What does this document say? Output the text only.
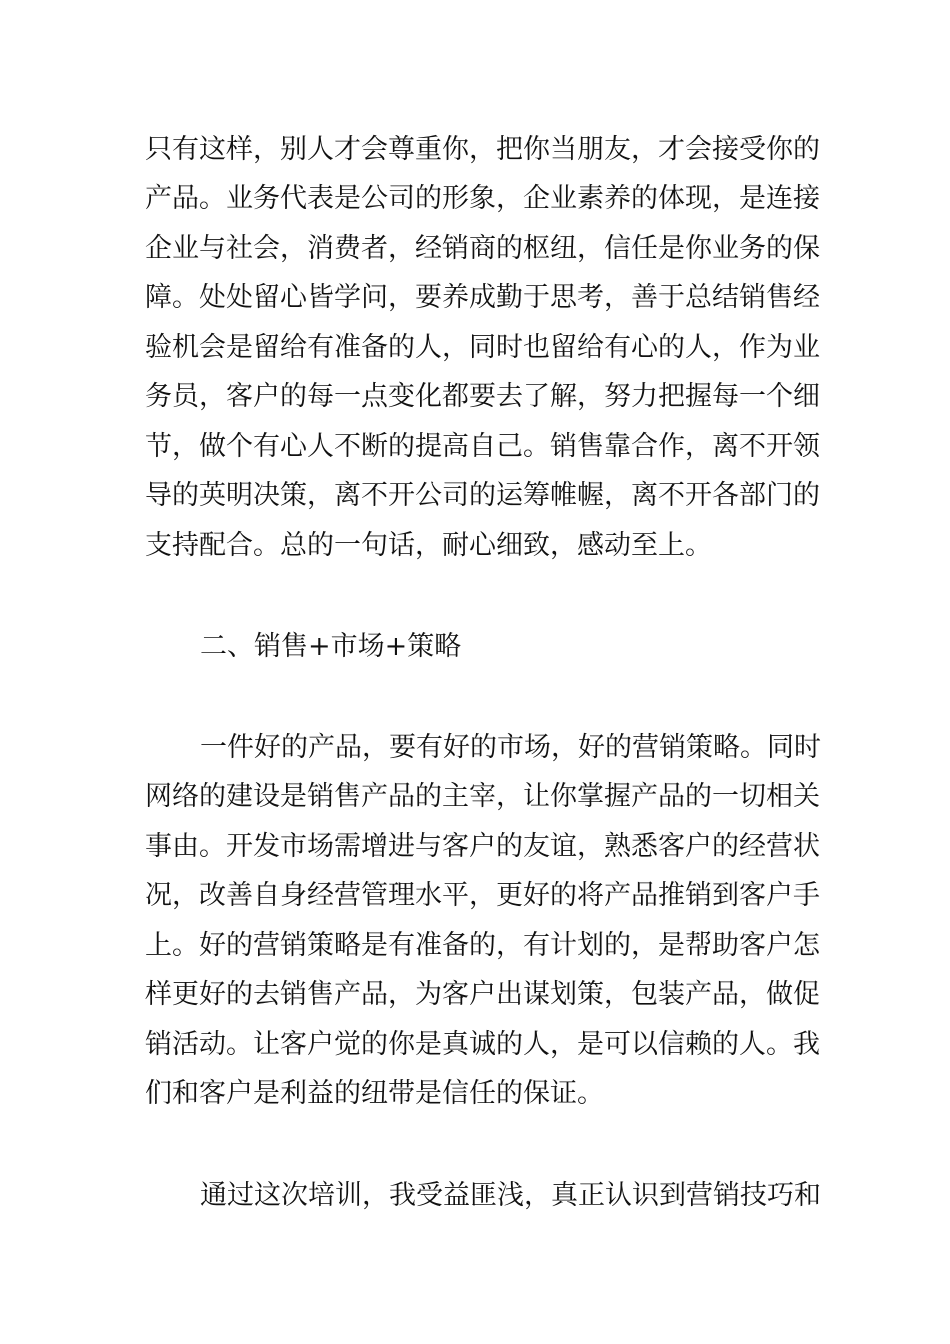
只有这样，别人才会尊重你，把你当朋友，才会接受你的
产品。业务代表是公司的形象，企业素养的体现，是连接
企业与社会，消费者，经销商的枢纽，信任是你业务的保
障。处处留心皆学问，要养成勤于思考，善于总结销售经
验机会是留给有准备的人，同时也留给有心的人，作为业
务员，客户的每一点变化都要去了解，努力把握每一个细
节，做个有心人不断的提高自己。销售靠合作，离不开领
导的英明决策，离不开公司的运筹帷幄，离不开各部门的
支持配合。总的一句话，耐心细致，感动至上。
二、销售+市场+策略
一件好的产品，要有好的市场，好的营销策略。同时
网络的建设是销售产品的主宰，让你掌握产品的一切相关
事由。开发市场需增进与客户的友谊，熟悉客户的经营状
况，改善自身经营管理水平，更好的将产品推销到客户手
上。好的营销策略是有准备的，有计划的，是帮助客户怎
样更好的去销售产品，为客户出谋划策，包装产品，做促
销活动。让客户觉的你是真诚的人，是可以信赖的人。我
们和客户是利益的纽带是信任的保证。
通过这次培训，我受益匪浅，真正认识到营销技巧和
